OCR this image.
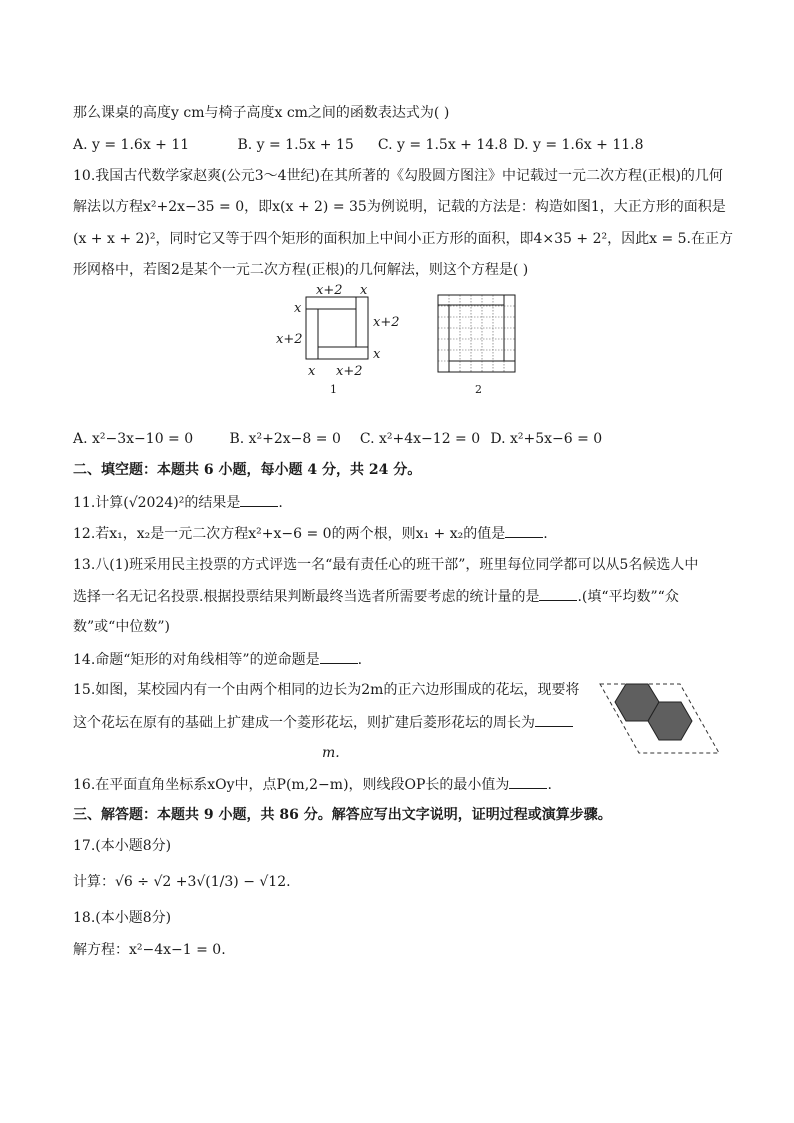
那么课桌的高度y cm与椅子高度x cm之间的函数表达式为( )
A. y = 1.6x + 11	B. y = 1.5x + 15 C. y = 1.5x + 14.8 D. y = 1.6x + 11.8
10.我国古代数学家赵爽(公元3～4世纪)在其所著的《勾股圆方图注》中记载过一元二次方程(正根)的几何
解法以方程x²+2x−35 = 0，即x(x + 2) = 35为例说明，记载的方法是：构造如图1，大正方形的面积是
(x + x + 2)²，同时它又等于四个矩形的面积加上中间小正方形的面积，即4×35 + 2²，因此x = 5.在正方
形网格中，若图2是某个一元二次方程(正根)的几何解法，则这个方程是( )
x+2 x
x
x+2
x+2
x
x x+2
1	2
A. x²−3x−10 = 0	B. x²+2x−8 = 0 C. x²+4x−12 = 0 D. x²+5x−6 = 0
二、填空题：本题共 6 小题，每小题 4 分，共 24 分。
11.计算(√2024)²的结果是	.
12.若x₁，x₂是一元二次方程x²+x−6 = 0的两个根，则x₁ + x₂的值是	.
13.八(1)班采用民主投票的方式评选一名“最有责任心的班干部”，班里每位同学都可以从5名候选人中
选择一名无记名投票.根据投票结果判断最终当选者所需要考虑的统计量的是	.(填“平均数”“众
数”或“中位数”)
14.命题“矩形的对角线相等”的逆命题是	.
15.如图，某校园内有一个由两个相同的边长为2m的正六边形围成的花坛，现要将
这个花坛在原有的基础上扩建成一个菱形花坛，则扩建后菱形花坛的周长为
m.
16.在平面直角坐标系xOy中，点P(m,2−m)，则线段OP长的最小值为	.
三、解答题：本题共 9 小题，共 86 分。解答应写出文字说明，证明过程或演算步骤。
17.(本小题8分)
计算：√6 ÷ √2 +3√(1/3) − √12.
18.(本小题8分)
解方程：x²−4x−1 = 0.
